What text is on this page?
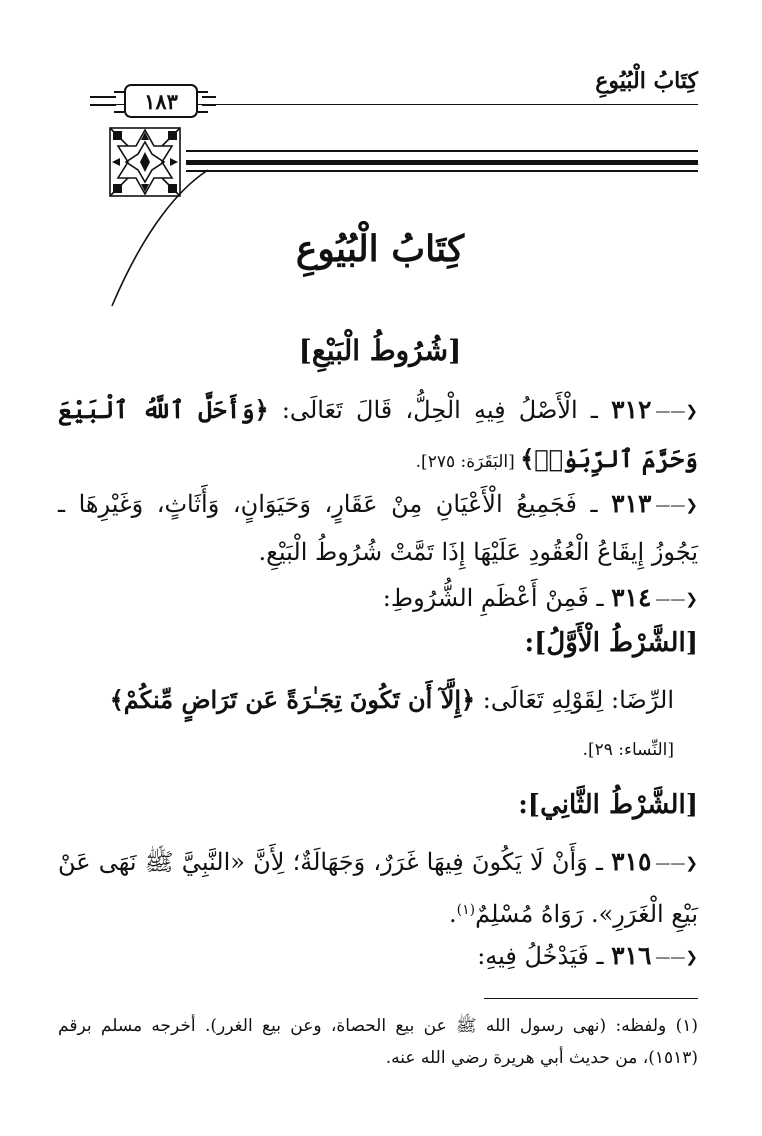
كِتَابُ الْبُيُوعِ
١٨٣
كِتَابُ الْبُيُوعِ
[شُرُوطُ الْبَيْعِ]
❮——٣١٢ ـ الْأَصْلُ فِيهِ الْحِلُّ، قَالَ تَعَالَى: ﴿وَأَحَلَّ ٱللَّهُ ٱلْبَيْعَ وَحَرَّمَ ٱلرِّبَوٰا۟﴾ [البَقَرَة: ٢٧٥].
❮——٣١٣ ـ فَجَمِيعُ الْأَعْيَانِ مِنْ عَقَارٍ، وَحَيَوَانٍ، وَأَثَاثٍ، وَغَيْرِهَا ـ يَجُوزُ إِيقَاعُ الْعُقُودِ عَلَيْهَا إِذَا تَمَّتْ شُرُوطُ الْبَيْعِ.
❮——٣١٤ ـ فَمِنْ أَعْظَمِ الشُّرُوطِ:
[الشَّرْطُ الْأَوَّلُ]:
الرِّضَا: لِقَوْلِهِ تَعَالَى: ﴿إِلَّآ أَن تَكُونَ تِجَـٰرَةً عَن تَرَاضٍ مِّنكُمْ﴾
[النِّساء: ٢٩].
[الشَّرْطُ الثَّانِي]:
❮——٣١٥ ـ وَأَنْ لَا يَكُونَ فِيهَا غَرَرٌ، وَجَهَالَةٌ؛ لِأَنَّ «النَّبِيَّ ﷺ نَهَى عَنْ بَيْعِ الْغَرَرِ». رَوَاهُ مُسْلِمٌ$^{(١)}$.
❮——٣١٦ ـ فَيَدْخُلُ فِيهِ:
(١) ولفظه: (نهى رسول الله ﷺ عن بيع الحصاة، وعن بيع الغرر). أخرجه مسلم برقم (١٥١٣)، من حديث أبي هريرة رضي الله عنه.
